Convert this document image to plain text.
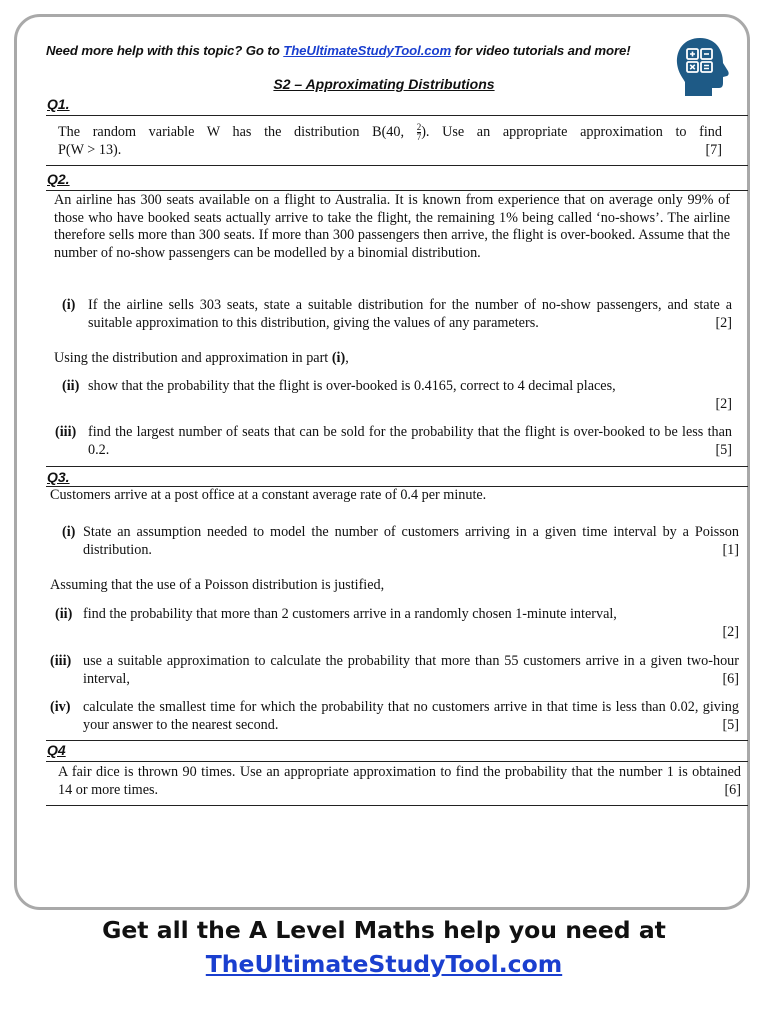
Need more help with this topic? Go to TheUltimateStudyTool.com for video tutorials and more!
S2 – Approximating Distributions
Q1.
The random variable W has the distribution B(40, $\frac{2}{7}$ ). Use an appropriate approximation to find
P(W > 13).	[7]
Q2.

An airline has 300 seats available on a flight to Australia. It is known from experience that on average only 99% of those who have booked seats actually arrive to take the flight, the remaining 1% being called ‘no-shows’. The airline therefore sells more than 300 seats. If more than 300 passengers then arrive, the flight is over-booked. Assume that the number of no-show passengers can be modelled by a binomial distribution.

(i) If the airline sells 303 seats, state a suitable distribution for the number of no-show passengers, and state a suitable approximation to this distribution, giving the values of any parameters.	[2]
Using the distribution and approximation in part (i),
(ii) show that the probability that the flight is over-booked is 0.4165, correct to 4 decimal places,

[2]
(iii) find the largest number of seats that can be sold for the probability that the flight is over-booked to be less than 0.2.	[5]
Q3.
Customers arrive at a post office at a constant average rate of 0.4 per minute.
(i) State an assumption needed to model the number of customers arriving in a given time interval by a Poisson distribution.	[1]
Assuming that the use of a Poisson distribution is justified,
(ii) find the probability that more than 2 customers arrive in a randomly chosen 1-minute interval,

[2]
(iii) use a suitable approximation to calculate the probability that more than 55 customers arrive in a given two-hour interval,	[6]
(iv) calculate the smallest time for which the probability that no customers arrive in that time is less than 0.02, giving your answer to the nearest second.	[5]
Q4
A fair dice is thrown 90 times. Use an appropriate approximation to find the probability that the number 1 is obtained 14 or more times.	[6]
Get all the A Level Maths help you need at
TheUltimateStudyTool.com
